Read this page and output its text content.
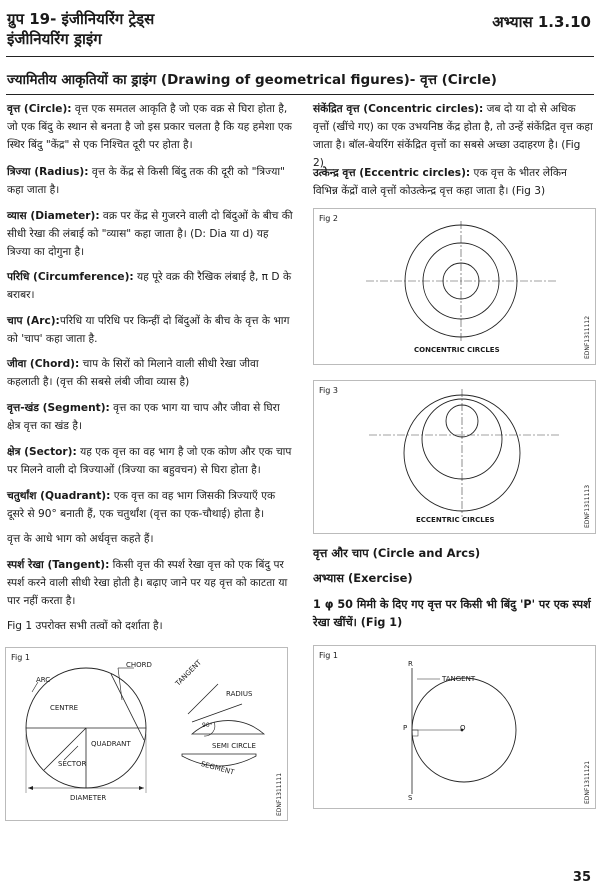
ग्रुप 19- इंजीनियरिंग ट्रेड्स
इंजीनियरिंग ड्राइंग
अभ्यास 1.3.10
ज्यामितीय आकृतियों का ड्राइंग (Drawing of geometrical figures)- वृत्त (Circle)
वृत्त (Circle): वृत्त एक समतल आकृति है जो एक वक्र से घिरा होता है, जो एक बिंदु के स्थान से बनता है जो इस प्रकार चलता है कि यह हमेशा एक स्थिर बिंदु "केंद्र" से एक निश्चित दूरी पर होता है।
त्रिज्या (Radius): वृत्त के केंद्र से किसी बिंदु तक की दूरी को "त्रिज्या" कहा जाता है।
व्यास (Diameter): वक्र पर केंद्र से गुजरने वाली दो बिंदुओं के बीच की सीधी रेखा की लंबाई को "व्यास" कहा जाता है। (D: Dia या d) यह त्रिज्या का दोगुना है।
परिधि (Circumference): यह पूरे वक्र की रैखिक लंबाई है, π D के बराबर।
चाप (Arc):परिधि या परिधि पर किन्हीं दो बिंदुओं के बीच के वृत्त के भाग को 'चाप' कहा जाता है.
जीवा (Chord): चाप के सिरों को मिलाने वाली सीधी रेखा जीवा कहलाती है। (वृत्त की सबसे लंबी जीवा व्यास है)
वृत्त-खंड (Segment): वृत्त का एक भाग या चाप और जीवा से घिरा क्षेत्र वृत्त का खंड है।
क्षेत्र (Sector): यह एक वृत्त का वह भाग है जो एक कोण और एक चाप पर मिलने वाली दो त्रिज्याओं (त्रिज्या का बहुवचन) से घिरा होता है।
चतुर्थांश (Quadrant): एक वृत्त का वह भाग जिसकी त्रिज्याएँ एक दूसरे से 90° बनाती हैं, एक चतुर्थांश (वृत्त का एक-चौथाई) होता है।
वृत्त के आधे भाग को अर्धवृत्त कहते हैं।
स्पर्श रेखा (Tangent): किसी वृत्त की स्पर्श रेखा वृत्त को एक बिंदु पर स्पर्श करने वाली सीधी रेखा होती है। बढ़ाए जाने पर यह वृत्त को काटता या पार नहीं करता है।
Fig 1 उपरोक्त सभी तत्वों को दर्शाता है।
संकेंद्रित वृत्त (Concentric circles): जब दो या दो से अधिक वृत्तों (खींचे गए) का एक उभयनिष्ठ केंद्र होता है, तो उन्हें संकेंद्रित वृत्त कहा जाता है। बॉल-बेयरिंग संकेंद्रित वृत्तों का सबसे अच्छा उदाहरण है। (Fig 2)
उत्केन्द्र वृत्त (Eccentric circles): एक वृत्त के भीतर लेकिन विभिन्न केंद्रों वाले वृत्तों कोउत्केन्द्र वृत्त कहा जाता है। (Fig 3)
Fig 2
CONCENTRIC CIRCLES	EDNF1311112
Fig 3
ECCENTRIC CIRCLES	EDNF1311113
वृत्त और चाप (Circle and Arcs)
अभ्यास (Exercise)
1 φ 50 मिमी के दिए गए वृत्त पर किसी भी बिंदु 'P' पर एक स्पर्श रेखा खींचें। (Fig 1)
Fig 1
CHORD
ARC
CENTRE
QUADRANT
SECTOR
DIAMETER
TANGENT
RADIUS
90°
SEMI CIRCLE
SEGMENT
EDNF1311111
Fig 1
R
TANGENT
P	O
S	EDNF1311121
35
